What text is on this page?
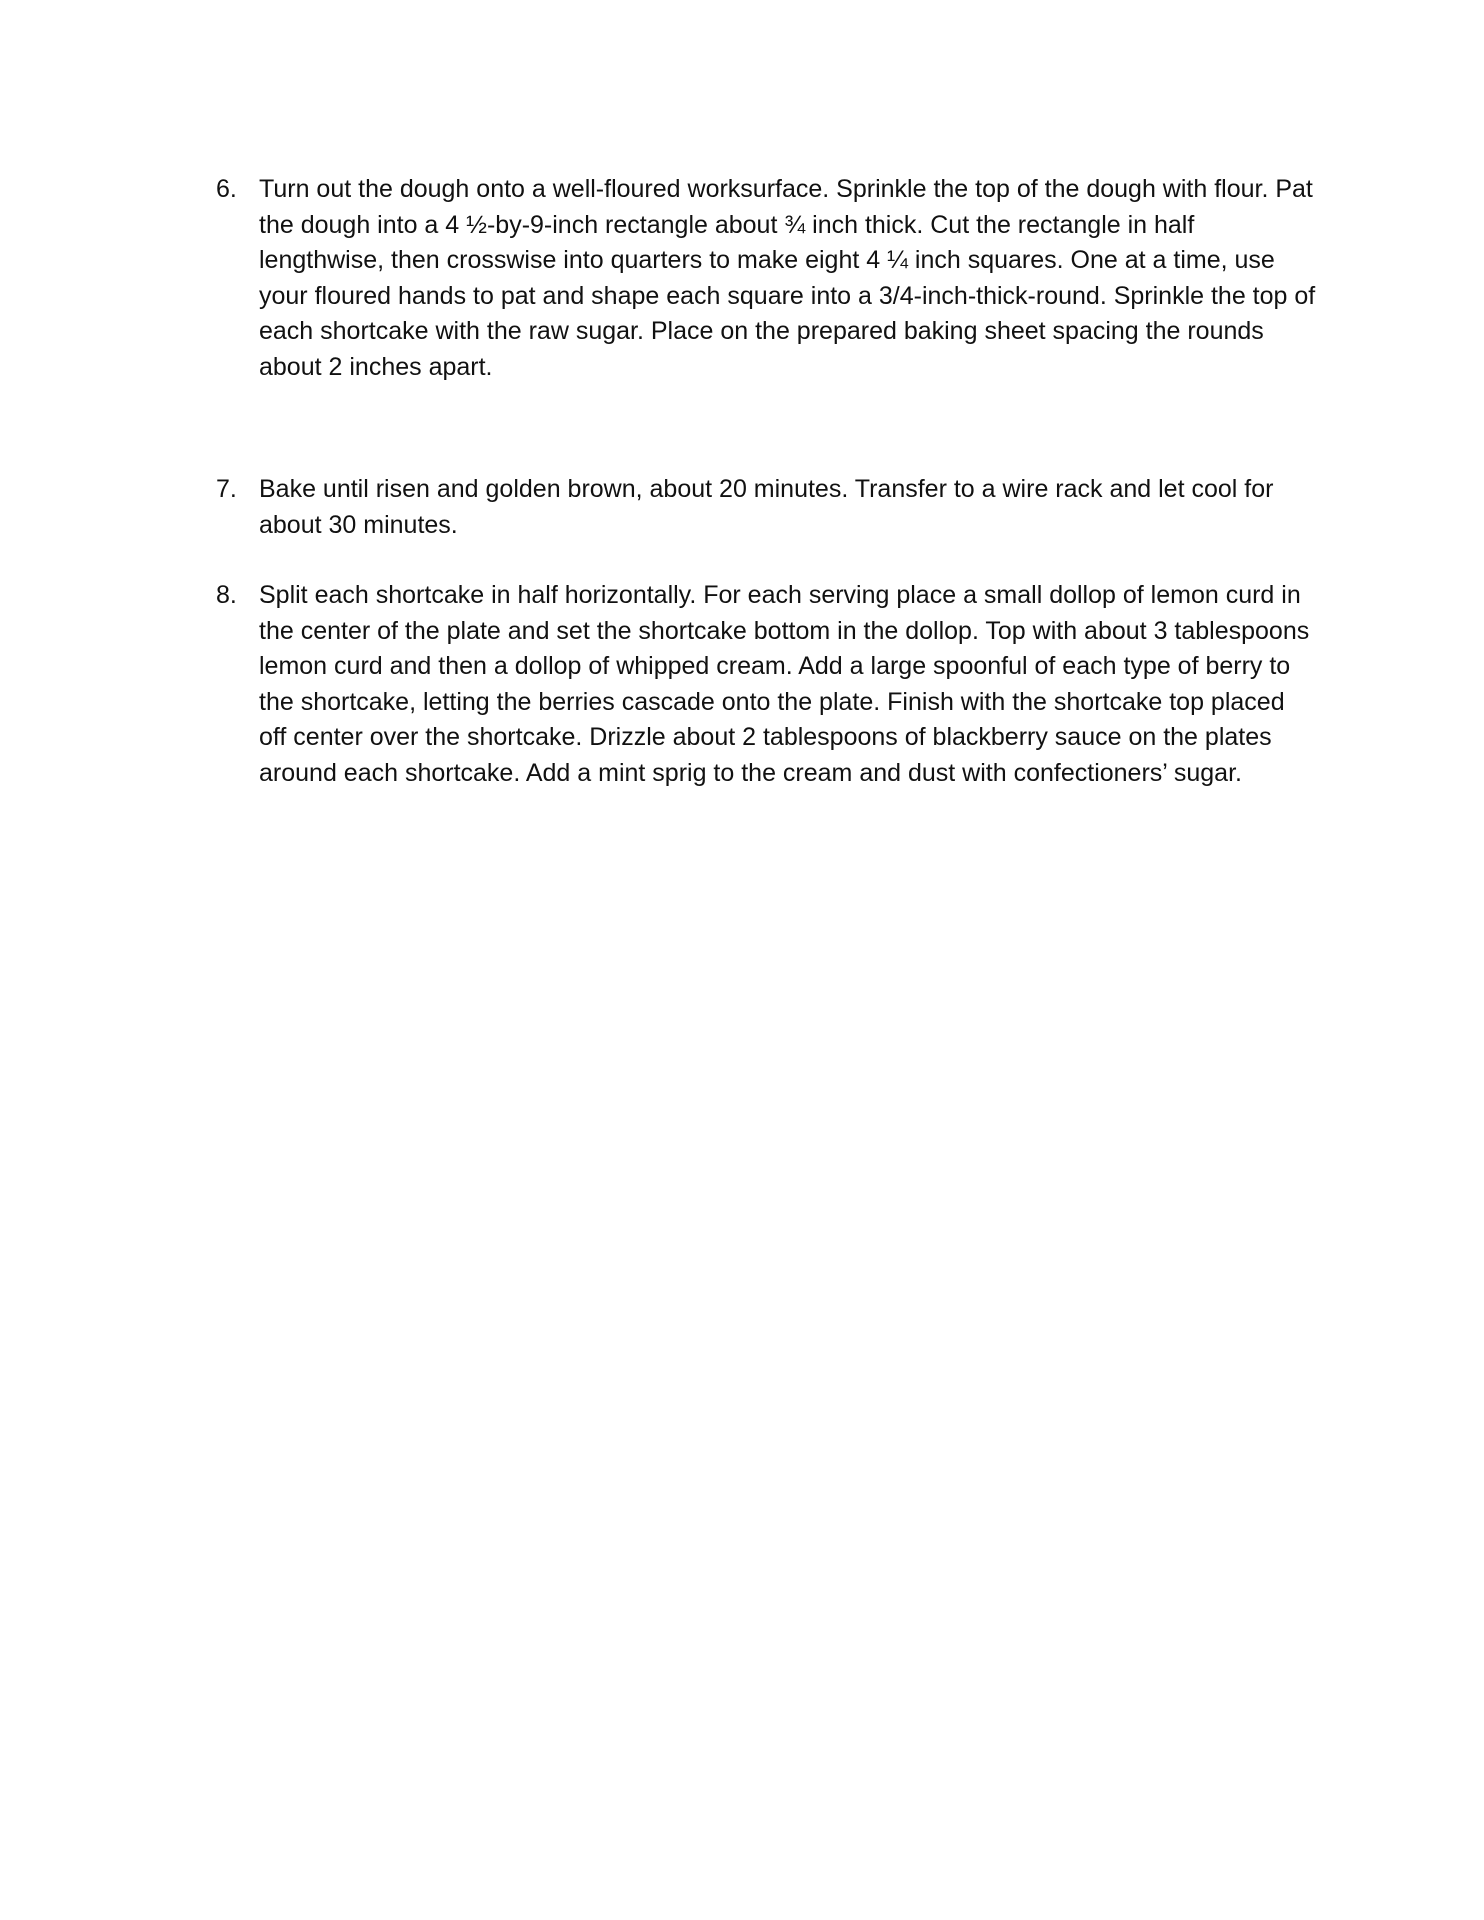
6. Turn out the dough onto a well-floured worksurface. Sprinkle the top of the dough with flour. Pat the dough into a 4 ½-by-9-inch rectangle about ¾ inch thick. Cut the rectangle in half lengthwise, then crosswise into quarters to make eight 4 ¼ inch squares. One at a time, use your floured hands to pat and shape each square into a 3/4-inch-thick-round. Sprinkle the top of each shortcake with the raw sugar. Place on the prepared baking sheet spacing the rounds about 2 inches apart.
7. Bake until risen and golden brown, about 20 minutes. Transfer to a wire rack and let cool for about 30 minutes.
8. Split each shortcake in half horizontally. For each serving place a small dollop of lemon curd in the center of the plate and set the shortcake bottom in the dollop. Top with about 3 tablespoons lemon curd and then a dollop of whipped cream. Add a large spoonful of each type of berry to the shortcake, letting the berries cascade onto the plate. Finish with the shortcake top placed off center over the shortcake. Drizzle about 2 tablespoons of blackberry sauce on the plates around each shortcake. Add a mint sprig to the cream and dust with confectioners’ sugar.
